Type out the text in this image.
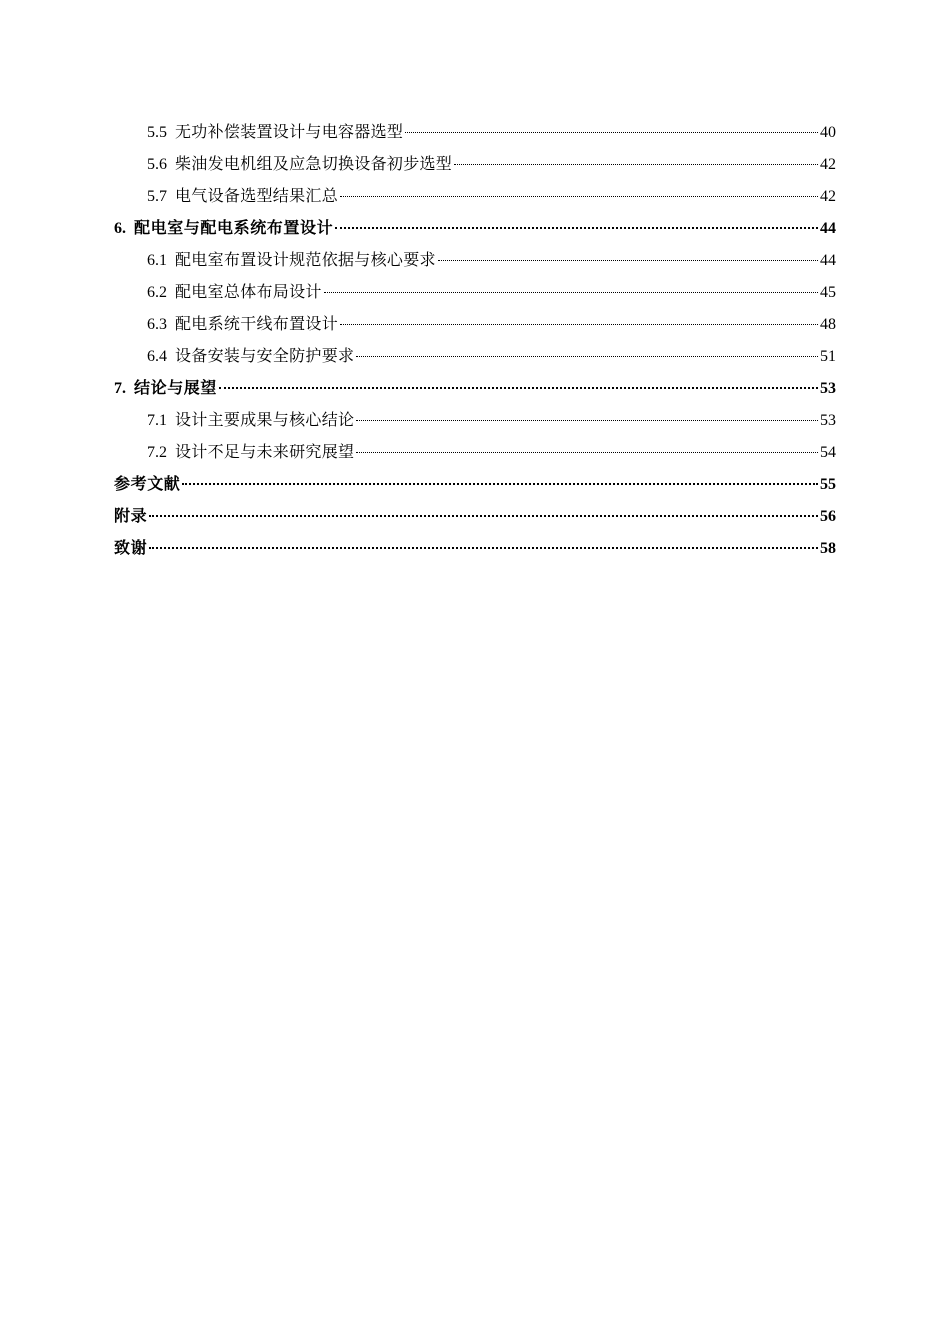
5.5 无功补偿装置设计与电容器选型	40
5.6 柴油发电机组及应急切换设备初步选型	42
5.7 电气设备选型结果汇总	42
6. 配电室与配电系统布置设计	44
6.1 配电室布置设计规范依据与核心要求	44
6.2 配电室总体布局设计	45
6.3 配电系统干线布置设计	48
6.4 设备安装与安全防护要求	51
7. 结论与展望	53
7.1 设计主要成果与核心结论	53
7.2 设计不足与未来研究展望	54
参考文献	55
附录	56
致谢	58
